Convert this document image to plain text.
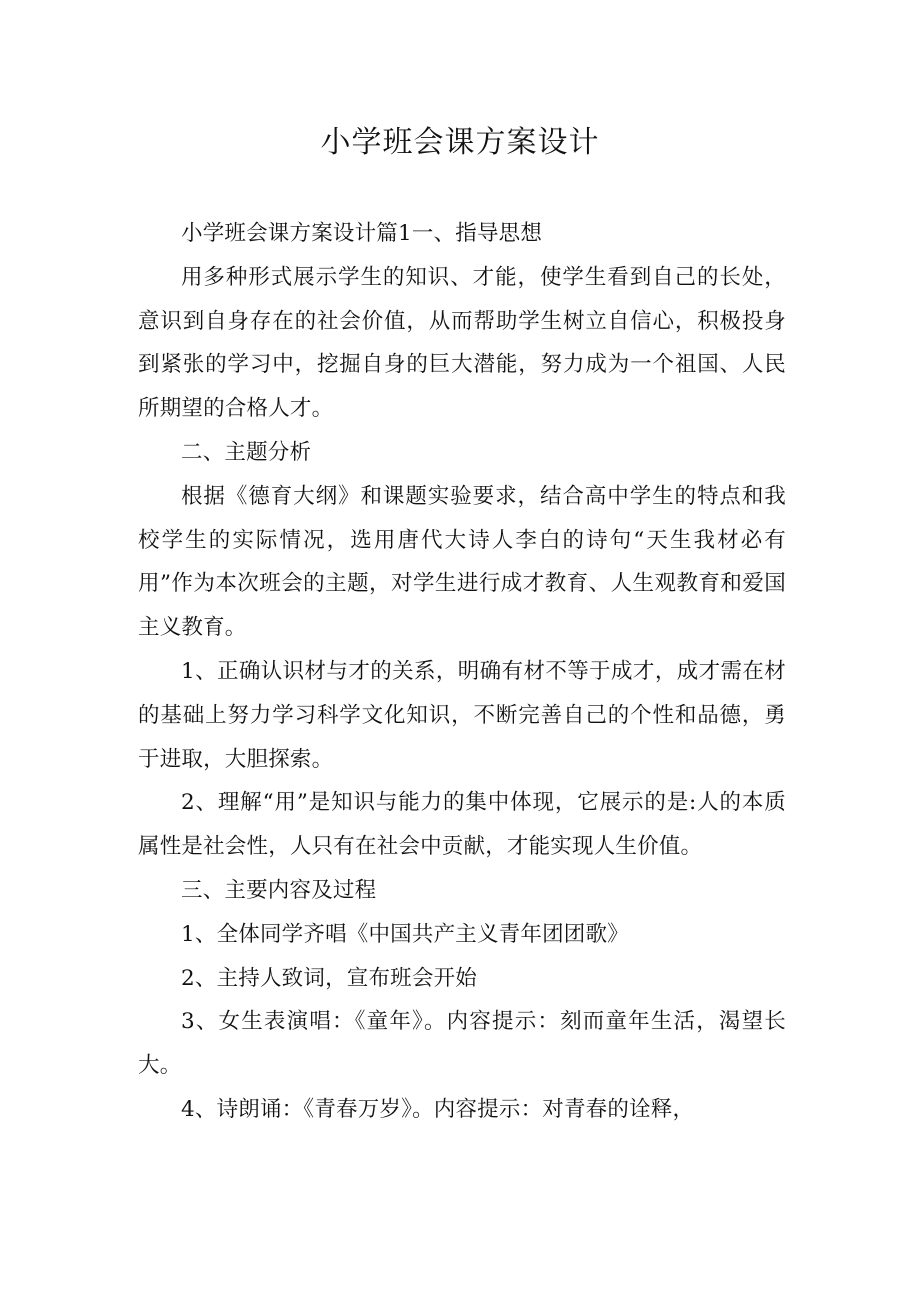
小学班会课方案设计

小学班会课方案设计篇1一、指导思想

用多种形式展示学生的知识、才能，使学生看到自己的长处，意识到自身存在的社会价值，从而帮助学生树立自信心，积极投身到紧张的学习中，挖掘自身的巨大潜能，努力成为一个祖国、人民所期望的合格人才。

二、主题分析

根据《德育大纲》和课题实验要求，结合高中学生的特点和我校学生的实际情况，选用唐代大诗人李白的诗句“天生我材必有用”作为本次班会的主题，对学生进行成才教育、人生观教育和爱国主义教育。

1、正确认识材与才的关系，明确有材不等于成才，成才需在材的基础上努力学习科学文化知识，不断完善自己的个性和品德，勇于进取，大胆探索。

2、理解“用”是知识与能力的集中体现，它展示的是:人的本质属性是社会性，人只有在社会中贡献，才能实现人生价值。

三、主要内容及过程

1、全体同学齐唱《中国共产主义青年团团歌》

2、主持人致词，宣布班会开始

3、女生表演唱：《童年》。内容提示：刻而童年生活，渴望长大。

4、诗朗诵：《青春万岁》。内容提示：对青春的诠释，
